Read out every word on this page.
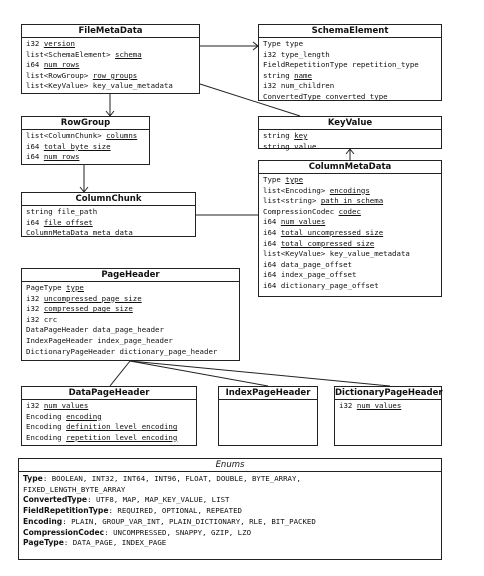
FileMetaData
i32 version
list<SchemaElement> schema
i64 num_rows
list<RowGroup> row_groups
list<KeyValue> key_value_metadata
SchemaElement
Type type
i32 type_length
FieldRepetitionType repetition_type
string name
i32 num_children
ConvertedType converted_type
RowGroup
list<ColumnChunk> columns
i64 total_byte_size
i64 num_rows
KeyValue
string key
string value
ColumnChunk
string file_path
i64 file_offset
ColumnMetaData meta_data
ColumnMetaData
Type type
list<Encoding> encodings
list<string> path_in_schema
CompressionCodec codec
i64 num_values
i64 total_uncompressed_size
i64 total_compressed_size
list<KeyValue> key_value_metadata
i64 data_page_offset
i64 index_page_offset
i64 dictionary_page_offset
PageHeader
PageType type
i32 uncompressed_page_size
i32 compressed_page_size
i32 crc
DataPageHeader data_page_header
IndexPageHeader index_page_header
DictionaryPageHeader dictionary_page_header
DataPageHeader
i32 num_values
Encoding encoding
Encoding definition_level_encoding
Encoding repetition_level_encoding
IndexPageHeader	DictionaryPageHeader
i32 num_values
Enums
Type: BOOLEAN, INT32, INT64, INT96, FLOAT, DOUBLE, BYTE_ARRAY,
FIXED_LENGTH_BYTE_ARRAY
ConvertedType: UTF8, MAP, MAP_KEY_VALUE, LIST
FieldRepetitionType: REQUIRED, OPTIONAL, REPEATED
Encoding: PLAIN, GROUP_VAR_INT, PLAIN_DICTIONARY, RLE, BIT_PACKED
CompressionCodec: UNCOMPRESSED, SNAPPY, GZIP, LZO
PageType: DATA_PAGE, INDEX_PAGE
